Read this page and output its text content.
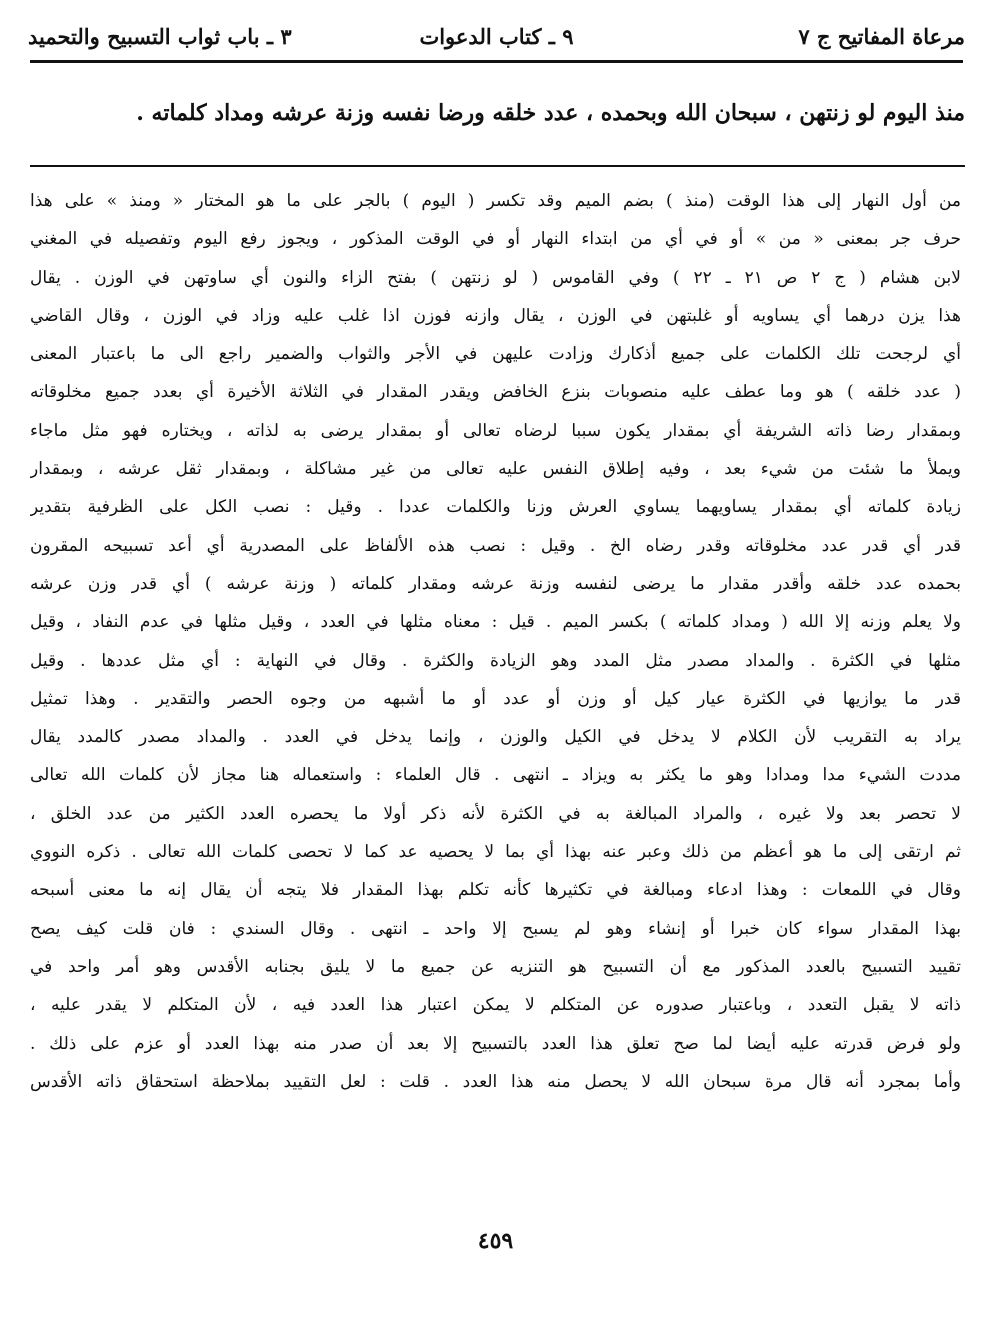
مرعاة المفاتيح ج ٧
٩ ـ كتاب الدعوات
٣ ـ باب ثواب التسبيح والتحميد
منذ اليوم لو زنتهن ، سبحان الله وبحمده ، عدد خلقه ورضا نفسه وزنة عرشه ومداد كلماته .
من أول النهار إلى هذا الوقت (منذ ) بضم الميم وقد تكسر ( اليوم ) بالجر على ما هو المختار « ومنذ » على هذا
حرف جر بمعنى « من » أو في أي من ابتداء النهار أو في الوقت المذكور ، ويجوز رفع اليوم وتفصيله في المغني
لابن هشام ( ج ٢ ص ٢١ ـ ٢٢ ) وفي القاموس ( لو زنتهن ) بفتح الزاء والنون أي ساوتهن في الوزن . يقال
هذا يزن درهما أي يساويه أو غلبتهن في الوزن ، يقال وازنه فوزن اذا غلب عليه وزاد في الوزن ، وقال القاضي
أي لرجحت تلك الكلمات على جميع أذكارك وزادت عليهن في الأجر والثواب والضمير راجع الى ما باعتبار المعنى
( عدد خلقه ) هو وما عطف عليه منصوبات بنزع الخافض ويقدر المقدار في الثلاثة الأخيرة أي بعدد جميع مخلوقاته
وبمقدار رضا ذاته الشريفة أي بمقدار يكون سببا لرضاه تعالى أو بمقدار يرضى به لذاته ، ويختاره فهو مثل ماجاء
ويملأ ما شئت من شيء بعد ، وفيه إطلاق النفس عليه تعالى من غير مشاكلة ، وبمقدار ثقل عرشه ، وبمقدار
زيادة كلماته أي بمقدار يساويهما يساوي العرش وزنا والكلمات عددا . وقيل : نصب الكل على الظرفية بتقدير
قدر أي قدر عدد مخلوقاته وقدر رضاه الخ . وقيل : نصب هذه الألفاظ على المصدرية أي أعد تسبيحه المقرون
بحمده عدد خلقه وأقدر مقدار ما يرضى لنفسه وزنة عرشه ومقدار كلماته ( وزنة عرشه ) أي قدر وزن عرشه
ولا يعلم وزنه إلا الله ( ومداد كلماته ) بكسر الميم . قيل : معناه مثلها في العدد ، وقيل مثلها في عدم النفاد ، وقيل
مثلها في الكثرة . والمداد مصدر مثل المدد وهو الزيادة والكثرة . وقال في النهاية : أي مثل عددها . وقيل
قدر ما يوازيها في الكثرة عيار كيل أو وزن أو عدد أو ما أشبهه من وجوه الحصر والتقدير . وهذا تمثيل
يراد به التقريب لأن الكلام لا يدخل في الكيل والوزن ، وإنما يدخل في العدد . والمداد مصدر كالمدد يقال
مددت الشيء مدا ومدادا وهو ما يكثر به ويزاد ـ انتهى . قال العلماء : واستعماله هنا مجاز لأن كلمات الله تعالى
لا تحصر بعد ولا غيره ، والمراد المبالغة به في الكثرة لأنه ذكر أولا ما يحصره العدد الكثير من عدد الخلق ،
ثم ارتقى إلى ما هو أعظم من ذلك وعبر عنه بهذا أي بما لا يحصيه عد كما لا تحصى كلمات الله تعالى . ذكره النووي
وقال في اللمعات : وهذا ادعاء ومبالغة في تكثيرها كأنه تكلم بهذا المقدار فلا يتجه أن يقال إنه ما معنى أسبحه
بهذا المقدار سواء كان خبرا أو إنشاء وهو لم يسبح إلا واحد ـ انتهى . وقال السندي : فان قلت كيف يصح
تقييد التسبيح بالعدد المذكور مع أن التسبيح هو التنزيه عن جميع ما لا يليق بجنابه الأقدس وهو أمر واحد في
ذاته لا يقبل التعدد ، وباعتبار صدوره عن المتكلم لا يمكن اعتبار هذا العدد فيه ، لأن المتكلم لا يقدر عليه ،
ولو فرض قدرته عليه أيضا لما صح تعلق هذا العدد بالتسبيح إلا بعد أن صدر منه بهذا العدد أو عزم على ذلك .
وأما بمجرد أنه قال مرة سبحان الله لا يحصل منه هذا العدد . قلت : لعل التقييد بملاحظة استحقاق ذاته الأقدس
٤٥٩
